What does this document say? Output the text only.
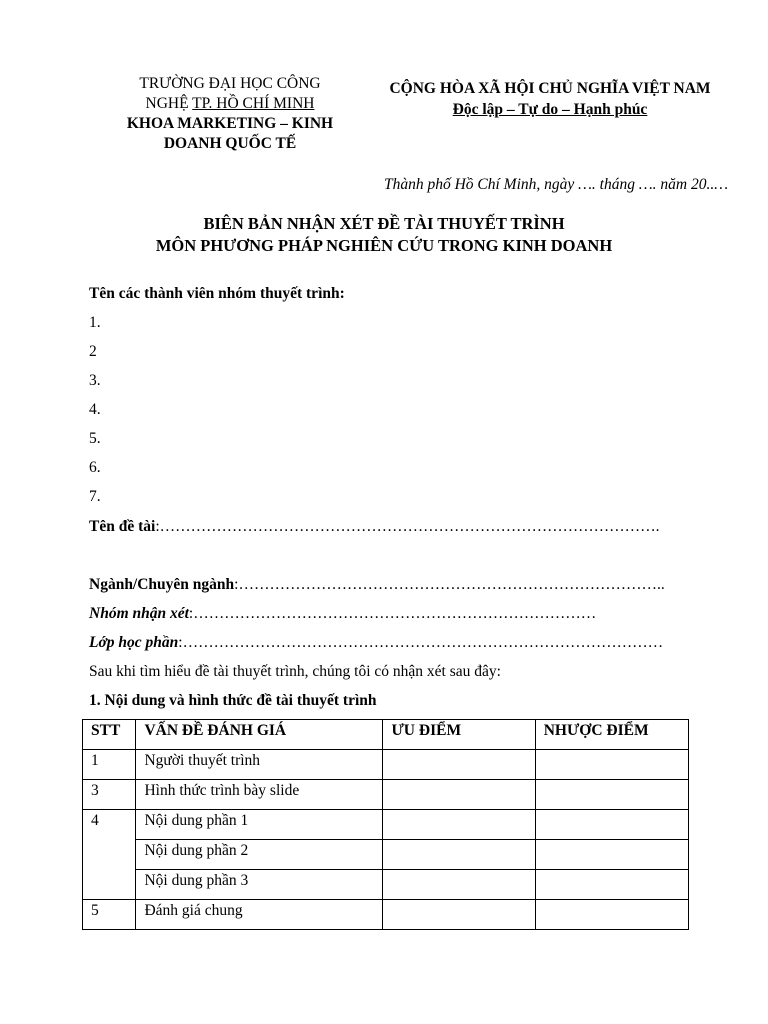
TRƯỜNG ĐẠI HỌC CÔNG
NGHỆ TP. HỒ CHÍ MINH
KHOA MARKETING – KINH
DOANH QUỐC TẾ
CỘNG HÒA XÃ HỘI CHỦ NGHĨA VIỆT NAM
Độc lập – Tự do – Hạnh phúc
Thành phố Hồ Chí Minh, ngày …. tháng …. năm 20..…
BIÊN BẢN NHẬN XÉT ĐỀ TÀI THUYẾT TRÌNH
MÔN PHƯƠNG PHÁP NGHIÊN CỨU TRONG KINH DOANH
Tên các thành viên nhóm thuyết trình:
1.
2
3.
4.
5.
6.
7.
Tên đề tài:…………………………………………………………………………………….
Ngành/Chuyên ngành:………………………………………………………………………..
Nhóm nhận xét:……………………………………………………………………
Lớp học phần:…………………………………………………………………………………
Sau khi tìm hiểu đề tài thuyết trình, chúng tôi có nhận xét sau đây:
1. Nội dung và hình thức đề tài thuyết trình
STT	VẤN ĐỀ ĐÁNH GIÁ	ƯU ĐIỂM	NHƯỢC ĐIỂM
1	Người thuyết trình		
3	Hình thức trình bày slide		
4	Nội dung phần 1		
	Nội dung phần 2		
	Nội dung phần 3		
5	Đánh giá chung		
